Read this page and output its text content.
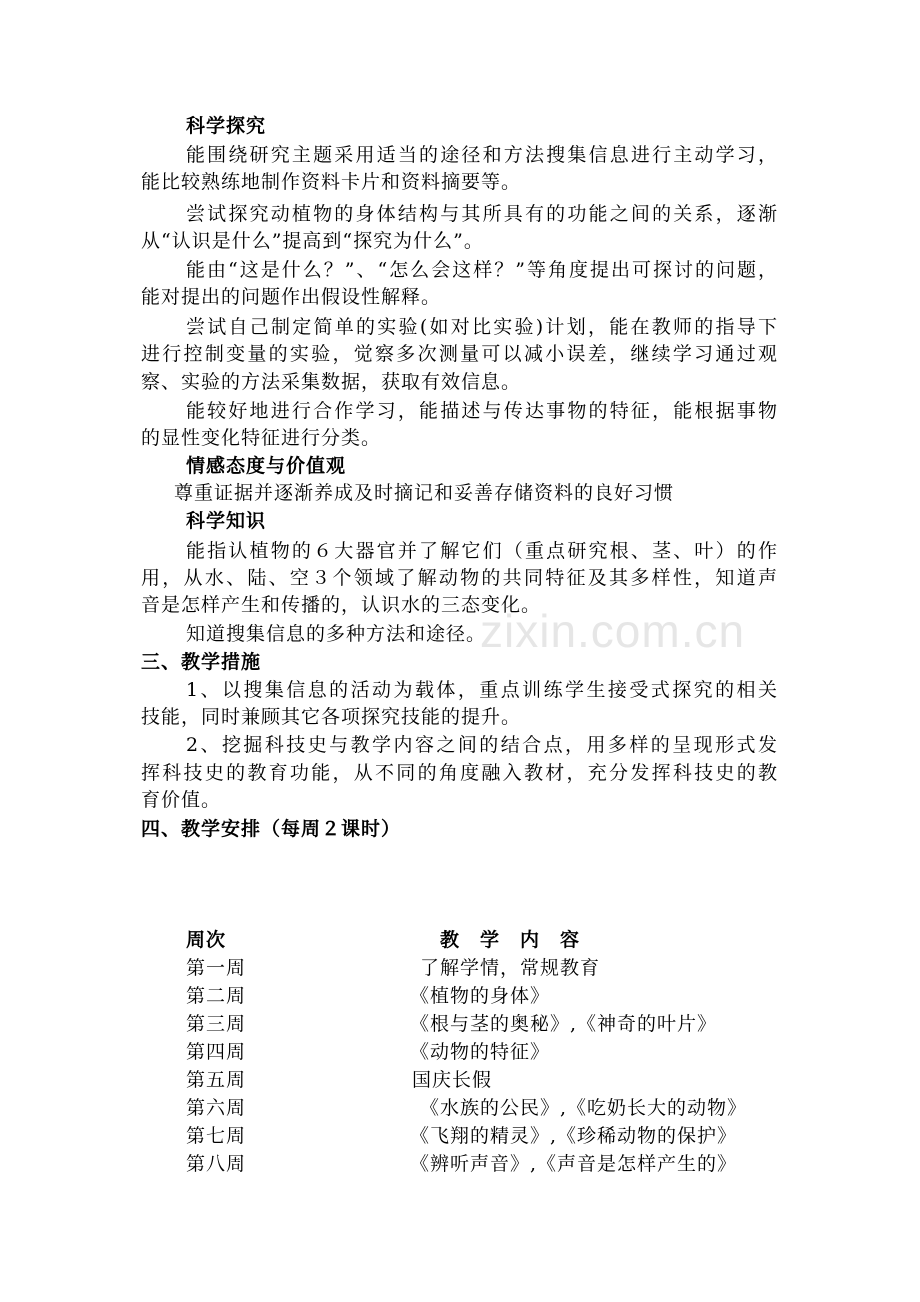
zixin.com.cn
科学探究
能围绕研究主题采用适当的途径和方法搜集信息进行主动学习，
能比较熟练地制作资料卡片和资料摘要等。
尝试探究动植物的身体结构与其所具有的功能之间的关系，逐渐
从“认识是什么”提高到“探究为什么”。
能由“这是什么？”、“怎么会这样？”等角度提出可探讨的问题，
能对提出的问题作出假设性解释。
尝试自己制定简单的实验(如对比实验)计划，能在教师的指导下
进行控制变量的实验，觉察多次测量可以减小误差，继续学习通过观
察、实验的方法采集数据，获取有效信息。
能较好地进行合作学习，能描述与传达事物的特征，能根据事物
的显性变化特征进行分类。
情感态度与价值观
尊重证据并逐渐养成及时摘记和妥善存储资料的良好习惯
科学知识
能指认植物的６大器官并了解它们（重点研究根、茎、叶）的作
用，从水、陆、空３个领域了解动物的共同特征及其多样性，知道声
音是怎样产生和传播的，认识水的三态变化。
知道搜集信息的多种方法和途径。
三、教学措施
1、以搜集信息的活动为载体，重点训练学生接受式探究的相关
技能，同时兼顾其它各项探究技能的提升。
2、挖掘科技史与教学内容之间的结合点，用多样的呈现形式发
挥科技史的教育功能，从不同的角度融入教材，充分发挥科技史的教
育价值。
四、教学安排（每周２课时）
周次	教　学　内　容
第一周	了解学情，常规教育
第二周	《植物的身体》
第三周	《根与茎的奥秘》,《神奇的叶片》
第四周	《动物的特征》
第五周	国庆长假
第六周	《水族的公民》,《吃奶长大的动物》
第七周	《飞翔的精灵》,《珍稀动物的保护》
第八周	《辨听声音》,《声音是怎样产生的》
